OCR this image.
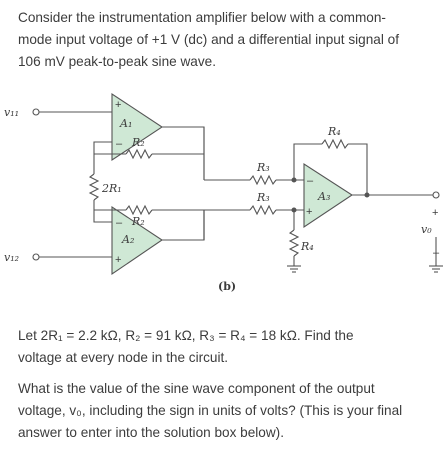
Consider the instrumentation amplifier below with a common-
mode input voltage of +1 V (dc) and a differential input signal of
106 mV peak-to-peak sine wave.
v₁₁
v₁₂
A₁
A₂
A₃
R₂
R₂
2R₁
R₃
R₃
R₄
R₄
v₀
+
–
–
+
–
+	+
–
(b)
Let 2R₁ = 2.2 kΩ, R₂ = 91 kΩ, R₃ = R₄ = 18 kΩ. Find the
voltage at every node in the circuit.
What is the value of the sine wave component of the output
voltage, v₀, including the sign in units of volts? (This is your final
answer to enter into the solution box below).
